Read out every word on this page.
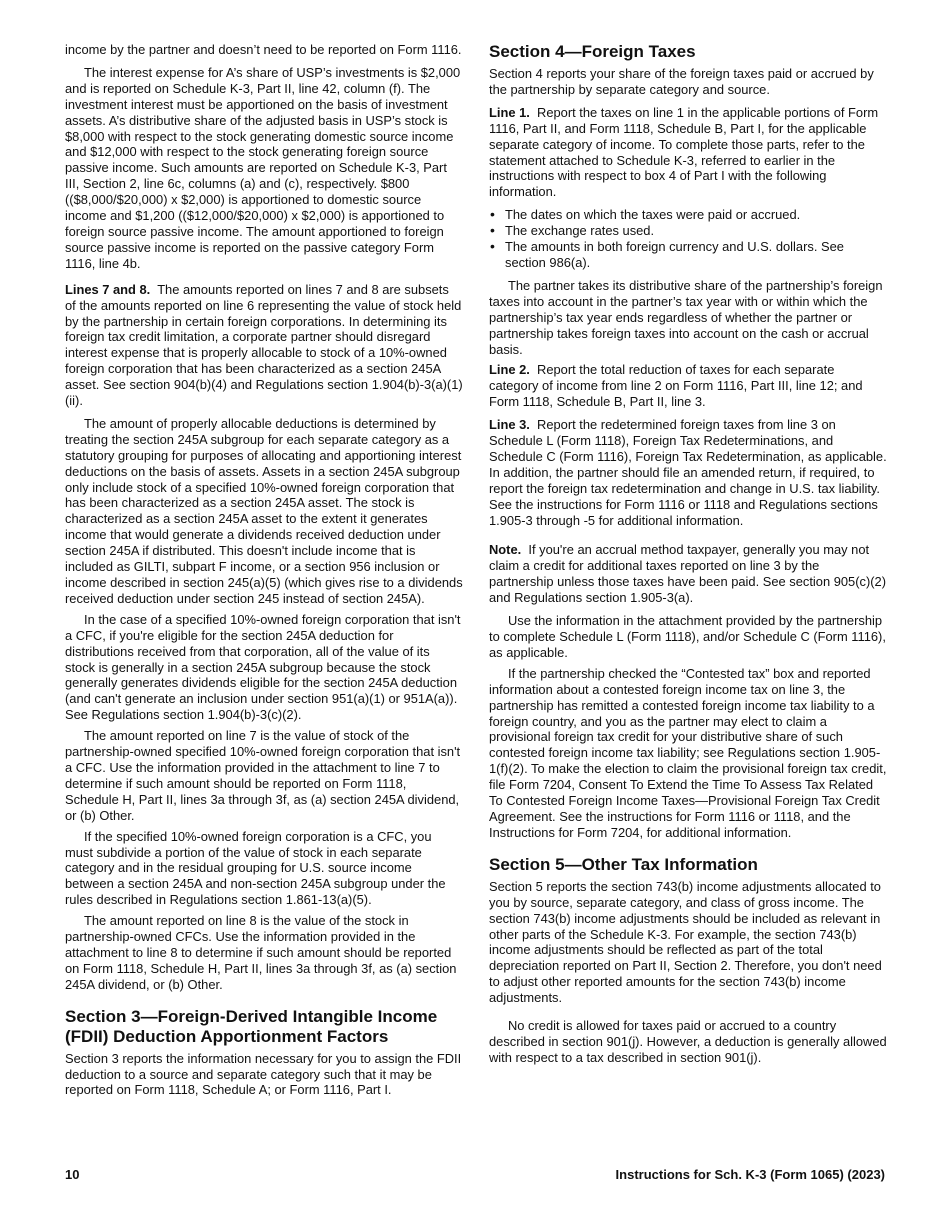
income by the partner and doesn’t need to be reported on Form 1116.

The interest expense for A’s share of USP’s investments is $2,000 and is reported on Schedule K-3, Part II, line 42, column (f). The investment interest must be apportioned on the basis of investment assets. A’s distributive share of the adjusted basis in USP’s stock is $8,000 with respect to the stock generating domestic source income and $12,000 with respect to the stock generating foreign source passive income. Such amounts are reported on Schedule K-3, Part III, Section 2, line 6c, columns (a) and (c), respectively. $800 (($8,000/$20,000) x $2,000) is apportioned to domestic source income and $1,200 (($12,000/$20,000) x $2,000) is apportioned to foreign source passive income. The amount apportioned to foreign source passive income is reported on the passive category Form 1116, line 4b.

Lines 7 and 8. The amounts reported on lines 7 and 8 are subsets of the amounts reported on line 6 representing the value of stock held by the partnership in certain foreign corporations. In determining its foreign tax credit limitation, a corporate partner should disregard interest expense that is properly allocable to stock of a 10%-owned foreign corporation that has been characterized as a section 245A asset. See section 904(b)(4) and Regulations section 1.904(b)-3(a)(1)(ii).

The amount of properly allocable deductions is determined by treating the section 245A subgroup for each separate category as a statutory grouping for purposes of allocating and apportioning interest deductions on the basis of assets. Assets in a section 245A subgroup only include stock of a specified 10%-owned foreign corporation that has been characterized as a section 245A asset. The stock is characterized as a section 245A asset to the extent it generates income that would generate a dividends received deduction under section 245A if distributed. This doesn't include income that is included as GILTI, subpart F income, or a section 956 inclusion or income described in section 245(a)(5) (which gives rise to a dividends received deduction under section 245 instead of section 245A).

In the case of a specified 10%-owned foreign corporation that isn't a CFC, if you're eligible for the section 245A deduction for distributions received from that corporation, all of the value of its stock is generally in a section 245A subgroup because the stock generally generates dividends eligible for the section 245A deduction (and can't generate an inclusion under section 951(a)(1) or 951A(a)). See Regulations section 1.904(b)-3(c)(2).

The amount reported on line 7 is the value of stock of the partnership-owned specified 10%-owned foreign corporation that isn't a CFC. Use the information provided in the attachment to line 7 to determine if such amount should be reported on Form 1118, Schedule H, Part II, lines 3a through 3f, as (a) section 245A dividend, or (b) Other.

If the specified 10%-owned foreign corporation is a CFC, you must subdivide a portion of the value of stock in each separate category and in the residual grouping for U.S. source income between a section 245A and non-section 245A subgroup under the rules described in Regulations section 1.861-13(a)(5).

The amount reported on line 8 is the value of the stock in partnership-owned CFCs. Use the information provided in the attachment to line 8 to determine if such amount should be reported on Form 1118, Schedule H, Part II, lines 3a through 3f, as (a) section 245A dividend, or (b) Other.

Section 3—Foreign-Derived Intangible Income (FDII) Deduction Apportionment Factors

Section 3 reports the information necessary for you to assign the FDII deduction to a source and separate category such that it may be reported on Form 1118, Schedule A; or Form 1116, Part I.

Section 4—Foreign Taxes

Section 4 reports your share of the foreign taxes paid or accrued by the partnership by separate category and source.

Line 1. Report the taxes on line 1 in the applicable portions of Form 1116, Part II, and Form 1118, Schedule B, Part I, for the applicable separate category of income. To complete those parts, refer to the statement attached to Schedule K-3, referred to earlier in the instructions with respect to box 4 of Part I with the following information.

• The dates on which the taxes were paid or accrued.
• The exchange rates used.
• The amounts in both foreign currency and U.S. dollars. See section 986(a).

The partner takes its distributive share of the partnership’s foreign taxes into account in the partner’s tax year with or within which the partnership’s tax year ends regardless of whether the partner or partnership takes foreign taxes into account on the cash or accrual basis.

Line 2. Report the total reduction of taxes for each separate category of income from line 2 on Form 1116, Part III, line 12; and Form 1118, Schedule B, Part II, line 3.

Line 3. Report the redetermined foreign taxes from line 3 on Schedule L (Form 1118), Foreign Tax Redeterminations, and Schedule C (Form 1116), Foreign Tax Redetermination, as applicable. In addition, the partner should file an amended return, if required, to report the foreign tax redetermination and change in U.S. tax liability. See the instructions for Form 1116 or 1118 and Regulations sections 1.905-3 through -5 for additional information.

Note. If you're an accrual method taxpayer, generally you may not claim a credit for additional taxes reported on line 3 by the partnership unless those taxes have been paid. See section 905(c)(2) and Regulations section 1.905-3(a).

Use the information in the attachment provided by the partnership to complete Schedule L (Form 1118), and/or Schedule C (Form 1116), as applicable.

If the partnership checked the “Contested tax” box and reported information about a contested foreign income tax on line 3, the partnership has remitted a contested foreign income tax liability to a foreign country, and you as the partner may elect to claim a provisional foreign tax credit for your distributive share of such contested foreign income tax liability; see Regulations section 1.905-1(f)(2). To make the election to claim the provisional foreign tax credit, file Form 7204, Consent To Extend the Time To Assess Tax Related To Contested Foreign Income Taxes—Provisional Foreign Tax Credit Agreement. See the instructions for Form 1116 or 1118, and the Instructions for Form 7204, for additional information.

Section 5—Other Tax Information

Section 5 reports the section 743(b) income adjustments allocated to you by source, separate category, and class of gross income. The section 743(b) income adjustments should be included as relevant in other parts of the Schedule K-3. For example, the section 743(b) income adjustments should be reflected as part of the total depreciation reported on Part II, Section 2. Therefore, you don't need to adjust other reported amounts for the section 743(b) income adjustments.

No credit is allowed for taxes paid or accrued to a country described in section 901(j). However, a deduction is generally allowed with respect to a tax described in section 901(j).

10	Instructions for Sch. K-3 (Form 1065) (2023)
